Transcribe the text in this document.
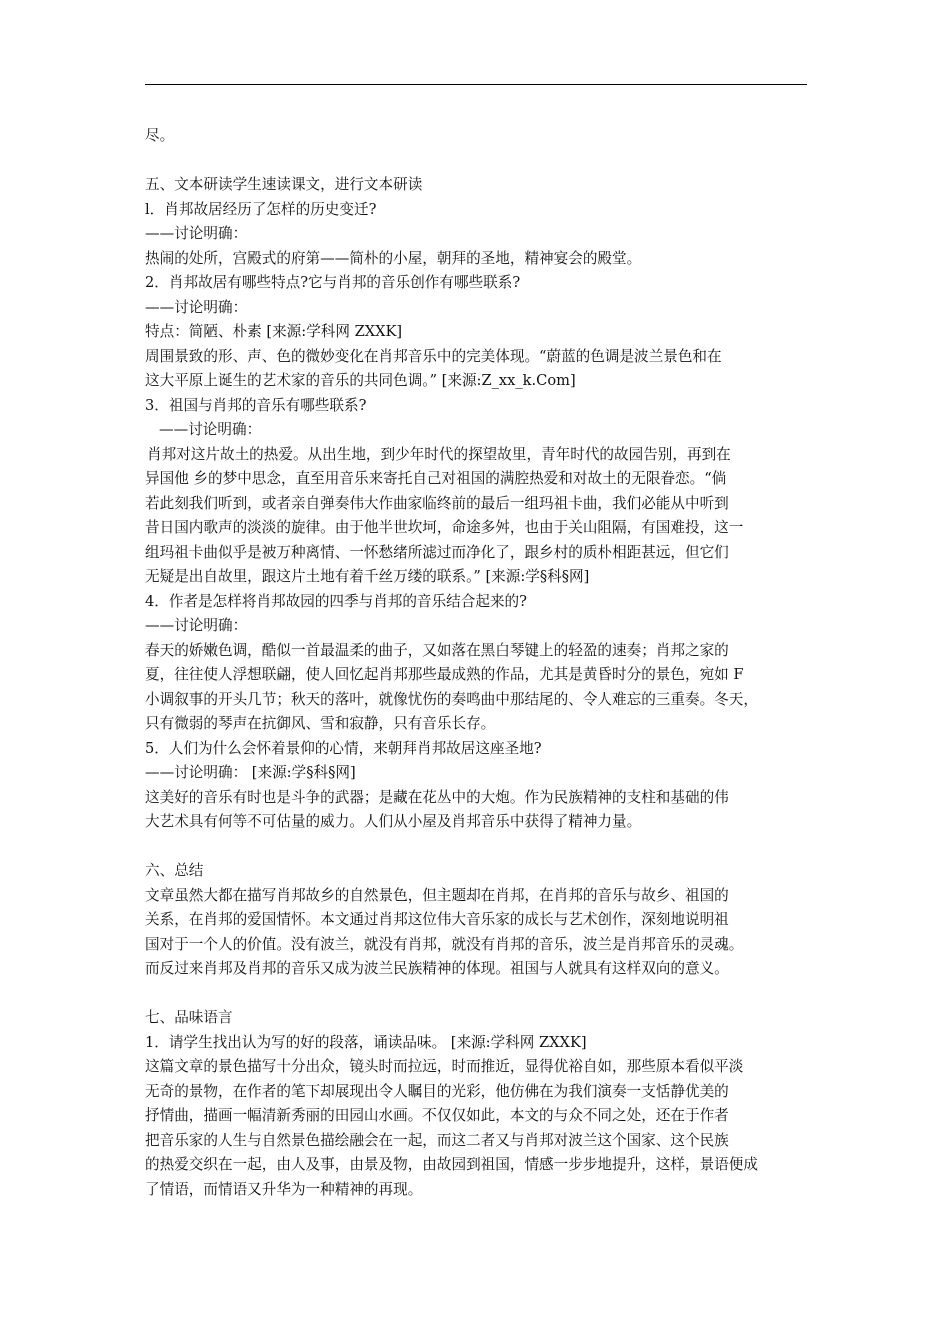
尽。
五、文本研读学生速读课文，进行文本研读
l．肖邦故居经历了怎样的历史变迁?
——讨论明确：
热闹的处所，宫殿式的府第——简朴的小屋，朝拜的圣地，精神宴会的殿堂。
2．肖邦故居有哪些特点?它与肖邦的音乐创作有哪些联系?
——讨论明确：
特点：简陋、朴素 [来源:学科网 ZXXK]
周围景致的形、声、色的微妙变化在肖邦音乐中的完美体现。“蔚蓝的色调是波兰景色和在
这大平原上诞生的艺术家的音乐的共同色调。” [来源:Z_xx_k.Com]
3．祖国与肖邦的音乐有哪些联系?
——讨论明确：
肖邦对这片故土的热爱。从出生地，到少年时代的探望故里，青年时代的故园告别，再到在
异国他 乡的梦中思念，直至用音乐来寄托自己对祖国的满腔热爱和对故土的无限眷恋。“倘
若此刻我们听到，或者亲自弹奏伟大作曲家临终前的最后一组玛祖卡曲，我们必能从中听到
昔日国内歌声的淡淡的旋律。由于他半世坎坷，命途多舛，也由于关山阻隔，有国难投，这一
组玛祖卡曲似乎是被万种离情、一怀愁绪所滤过而净化了，跟乡村的质朴相距甚远，但它们
无疑是出自故里，跟这片土地有着千丝万缕的联系。” [来源:学§科§网]
4．作者是怎样将肖邦故园的四季与肖邦的音乐结合起来的?
——讨论明确：
春天的娇嫩色调，酷似一首最温柔的曲子，又如落在黑白琴键上的轻盈的速奏；肖邦之家的
夏，往往使人浮想联翩，使人回忆起肖邦那些最成熟的作品，尤其是黄昏时分的景色，宛如 F
小调叙事的开头几节；秋天的落叶，就像忧伤的奏鸣曲中那结尾的、令人难忘的三重奏。冬天，
只有微弱的琴声在抗御风、雪和寂静，只有音乐长存。
5．人们为什么会怀着景仰的心情，来朝拜肖邦故居这座圣地?
——讨论明确： [来源:学§科§网]
这美好的音乐有时也是斗争的武器；是藏在花丛中的大炮。作为民族精神的支柱和基础的伟
大艺术具有何等不可估量的威力。人们从小屋及肖邦音乐中获得了精神力量。
六、总结
文章虽然大都在描写肖邦故乡的自然景色，但主题却在肖邦，在肖邦的音乐与故乡、祖国的
关系，在肖邦的爱国情怀。本文通过肖邦这位伟大音乐家的成长与艺术创作，深刻地说明祖
国对于一个人的价值。没有波兰，就没有肖邦，就没有肖邦的音乐，波兰是肖邦音乐的灵魂。
而反过来肖邦及肖邦的音乐又成为波兰民族精神的体现。祖国与人就具有这样双向的意义。
七、品味语言
1．请学生找出认为写的好的段落，诵读品味。 [来源:学科网 ZXXK]
这篇文章的景色描写十分出众，镜头时而拉远，时而推近，显得优裕自如，那些原本看似平淡
无奇的景物，在作者的笔下却展现出令人瞩目的光彩，他仿佛在为我们演奏一支恬静优美的
抒情曲，描画一幅清新秀丽的田园山水画。不仅仅如此，本文的与众不同之处，还在于作者
把音乐家的人生与自然景色描绘融会在一起，而这二者又与肖邦对波兰这个国家、这个民族
的热爱交织在一起，由人及事，由景及物，由故园到祖国，情感一步步地提升，这样，景语便成
了情语，而情语又升华为一种精神的再现。
